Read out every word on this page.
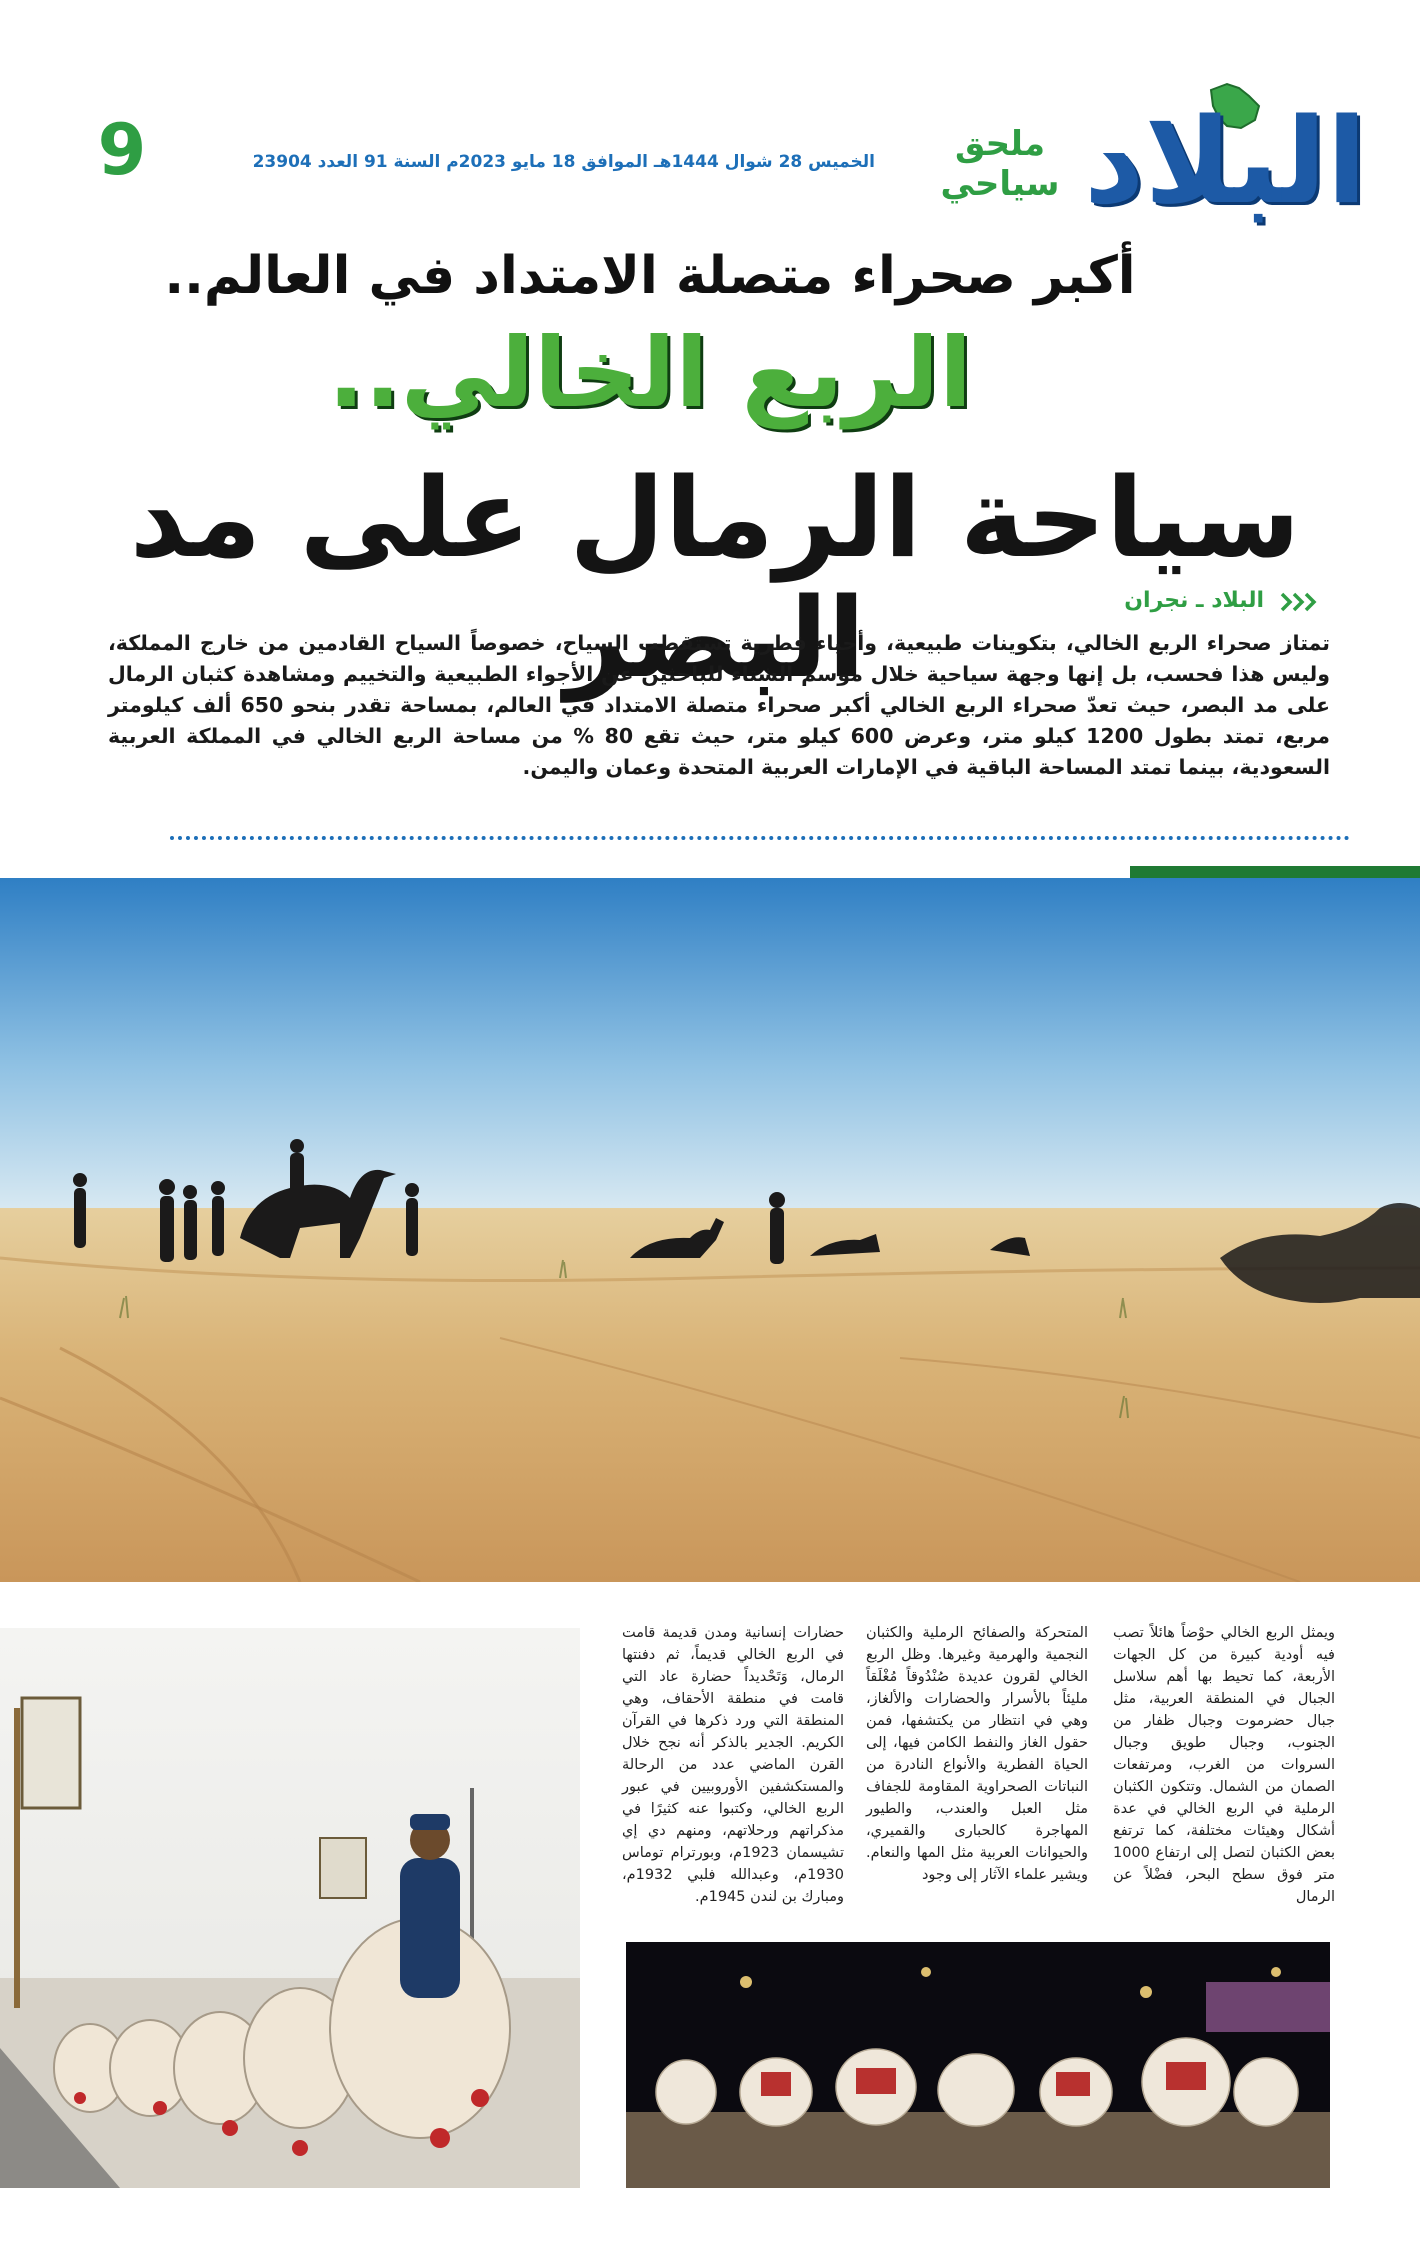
البلاد
ملحق سياحي
الخميس 28 شوال 1444هـ الموافق 18 مايو 2023م السنة 91 العدد 23904
9
أكبر صحراء متصلة الامتداد في العالم..
الربع الخالي..
سياحة الرمال على مد البصر	البلاد ـ نجران
تمتاز صحراء الربع الخالي، بتكوينات طبيعية، وأحياء فطرية تستقطب السياح، خصوصاً السياح القادمين من خارج المملكة، وليس هذا فحسب، بل إنها وجهة سياحية خلال موسم الشتاء للباحثين عن الأجواء الطبيعية والتخييم ومشاهدة كثبان الرمال على مد البصر، حيث تعدّ صحراء الربع الخالي أكبر صحراء متصلة الامتداد في العالم، بمساحة تقدر بنحو 650 ألف كيلومتر مربع، تمتد بطول 1200 كيلو متر، وعرض 600 كيلو متر، حيث تقع 80 % من مساحة الربع الخالي في المملكة العربية السعودية، بينما تمتد المساحة الباقية في الإمارات العربية المتحدة وعمان واليمن.
ويمثل الربع الخالي حوْضاً هائلاً تصب فيه أودية كبيرة من كل الجهات الأربعة، كما تحيط بها أهم سلاسل الجبال في المنطقة العربية، مثل جبال حضرموت وجبال ظفار من الجنوب، وجبال طويق وجبال السروات من الغرب، ومرتفعات الصمان من الشمال. وتتكون الكثبان الرملية في الربع الخالي في عدة أشكال وهيئات مختلفة، كما ترتفع بعض الكثبان لتصل إلى ارتفاع 1000 متر فوق سطح البحر، فضْلاً عن الرمال
المتحركة والصفائح الرملية والكثبان النجمية والهرمية وغيرها. وظل الربع الخالي لقرون عديدة صُنْدُوقاً مُغْلَقاً مليئاً بالأسرار والحضارات والألغاز، وهي في انتظار من يكتشفها، فمن حقول الغاز والنفط الكامن فيها، إلى الحياة الفطرية والأنواع النادرة من النباتات الصحراوية المقاومة للجفاف مثل العبل والعندب، والطيور المهاجرة كالحبارى والقميري، والحيوانات العربية مثل المها والنعام. ويشير علماء الآثار إلى وجود
حضارات إنسانية ومدن قديمة قامت في الربع الخالي قديماً، ثم دفنتها الرمال، وَتَحْديداً حضارة عاد التي قامت في منطقة الأحقاف، وهي المنطقة التي ورد ذكرها في القرآن الكريم. الجدير بالذكر أنه نجح خلال القرن الماضي عدد من الرحالة والمستكشفين الأوروبيين في عبور الربع الخالي، وكتبوا عنه كثيرًا في مذكراتهم ورحلاتهم، ومنهم دي إي تشيسمان 1923م، وبورترام توماس 1930م، وعبدالله فلبي 1932م، ومبارك بن لندن 1945م.
